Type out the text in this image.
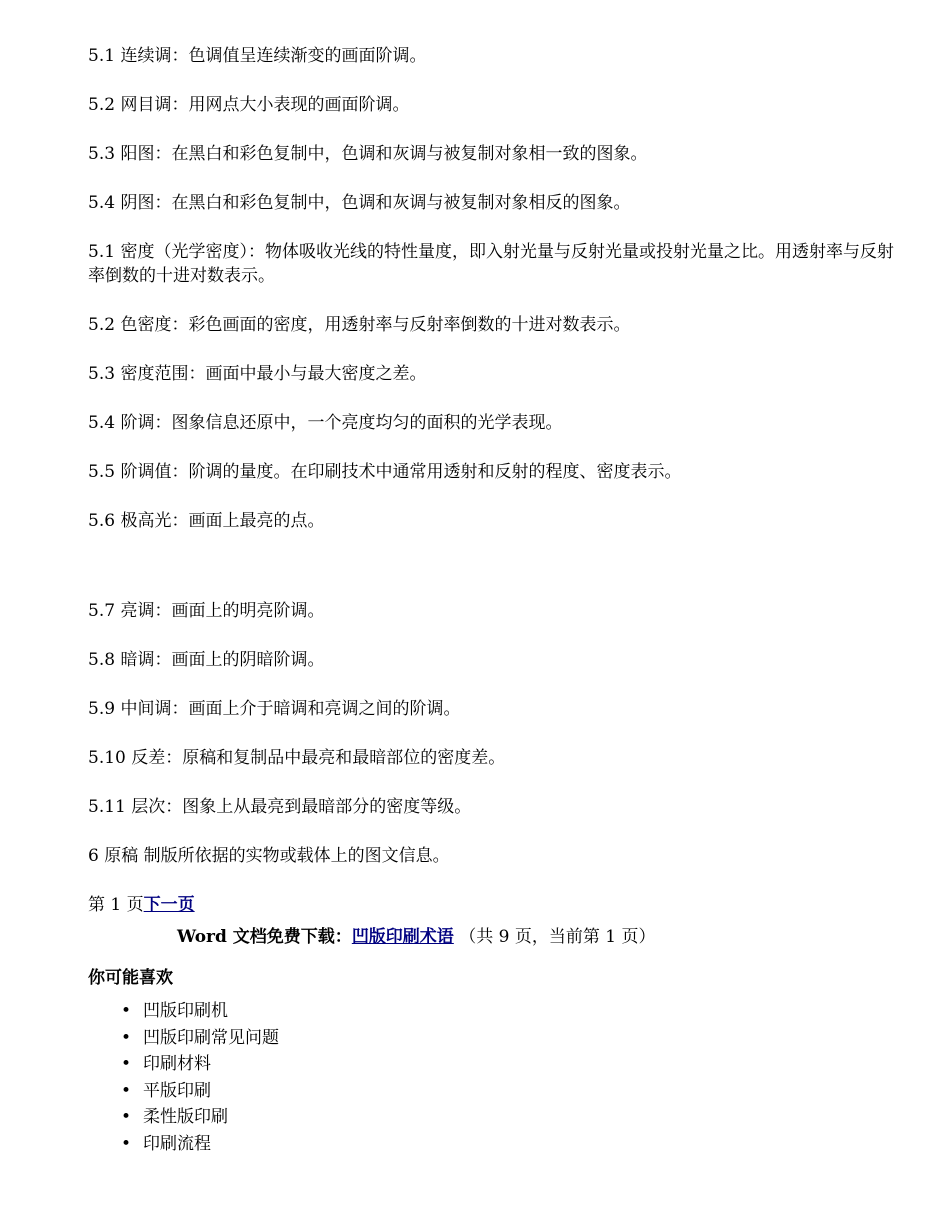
5.1 连续调：色调值呈连续渐变的画面阶调。

5.2 网目调：用网点大小表现的画面阶调。

5.3 阳图：在黑白和彩色复制中，色调和灰调与被复制对象相一致的图象。

5.4 阴图：在黑白和彩色复制中，色调和灰调与被复制对象相反的图象。

5.1 密度（光学密度）：物体吸收光线的特性量度，即入射光量与反射光量或投射光量之比。用透射率与反射率倒数的十进对数表示。

5.2 色密度：彩色画面的密度，用透射率与反射率倒数的十进对数表示。

5.3 密度范围：画面中最小与最大密度之差。

5.4 阶调：图象信息还原中，一个亮度均匀的面积的光学表现。

5.5 阶调值：阶调的量度。在印刷技术中通常用透射和反射的程度、密度表示。

5.6 极高光：画面上最亮的点。

5.7 亮调：画面上的明亮阶调。

5.8 暗调：画面上的阴暗阶调。

5.9 中间调：画面上介于暗调和亮调之间的阶调。

5.10 反差：原稿和复制品中最亮和最暗部位的密度差。

5.11 层次：图象上从最亮到最暗部分的密度等级。

6 原稿 制版所依据的实物或载体上的图文信息。

第 1 页下一页
Word 文档免费下载：凹版印刷术语 （共 9 页，当前第 1 页）
你可能喜欢
• 凹版印刷机
• 凹版印刷常见问题
• 印刷材料
• 平版印刷
• 柔性版印刷
• 印刷流程
